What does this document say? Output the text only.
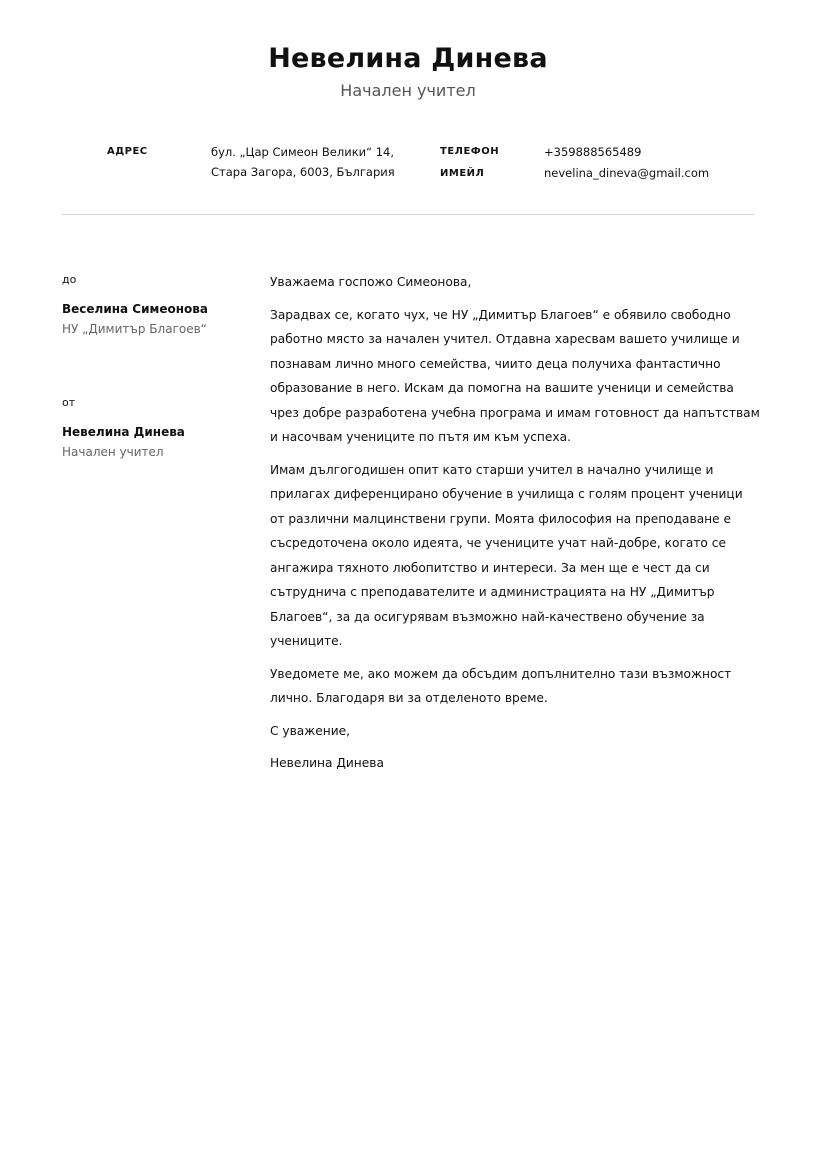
Невелина Динева
Начален учител
АДРЕС	бул. „Цар Симеон Велики“ 14, Стара Загора, 6003, България
ТЕЛЕФОН	+359888565489
ИМЕЙЛ	nevelina_dineva@gmail.com
до
Веселина Симеонова
НУ „Димитър Благоев“
от
Невелина Динева
Начален учител

Уважаема госпожо Симеонова,

Зарадвах се, когато чух, че НУ „Димитър Благоев“ е обявило свободно работно място за начален учител. Отдавна харесвам вашето училище и познавам лично много семейства, чиито деца получиха фантастично образование в него. Искам да помогна на вашите ученици и семейства чрез добре разработена учебна програма и имам готовност да напътствам и насочвам учениците по пътя им към успеха.

Имам дългогодишен опит като старши учител в начално училище и прилагах диференцирано обучение в училища с голям процент ученици от различни малцинствени групи. Моята философия на преподаване е съсредоточена около идеята, че учениците учат най-добре, когато се ангажира тяхното любопитство и интереси. За мен ще е чест да си сътруднича с преподавателите и администрацията на НУ „Димитър Благоев“, за да осигурявам възможно най-качествено обучение за учениците.

Уведомете ме, ако можем да обсъдим допълнително тази възможност лично. Благодаря ви за отделеното време.

С уважение,

Невелина Динева
